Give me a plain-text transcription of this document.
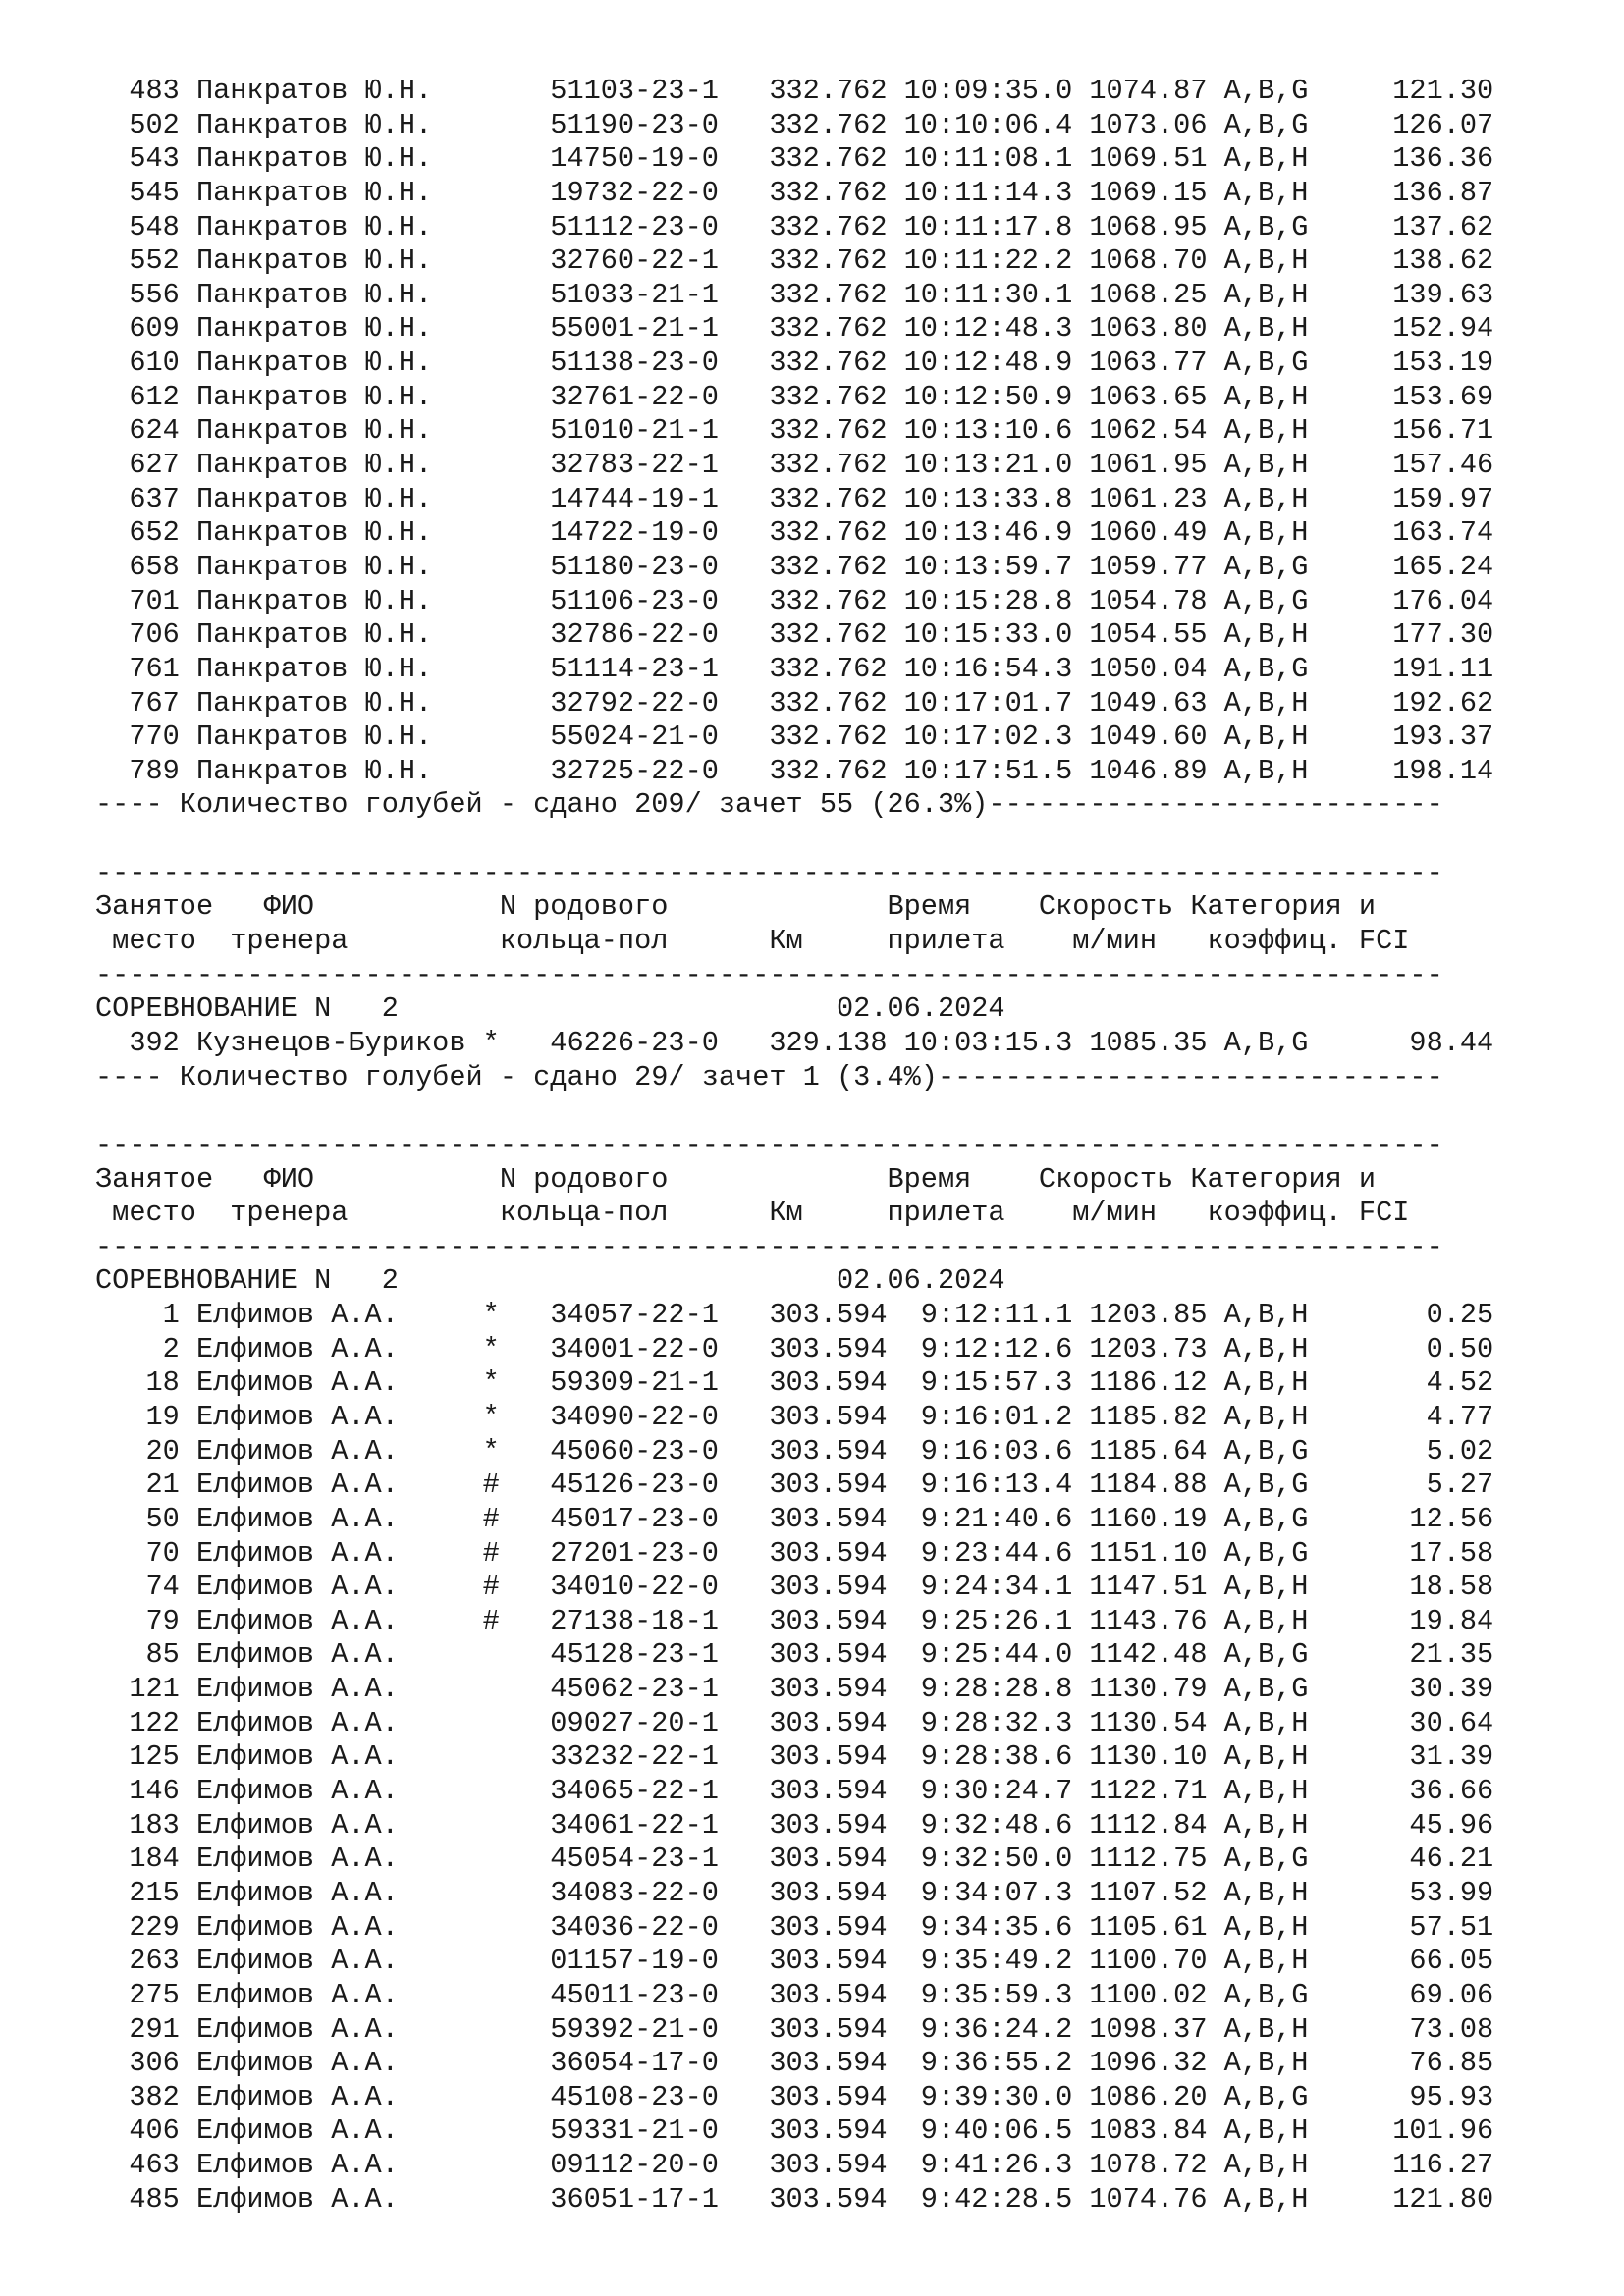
483 Панкратов Ю.Н.       51103-23-1   332.762 10:09:35.0 1074.87 A,B,G     121.30
502 Панкратов Ю.Н.       51190-23-0   332.762 10:10:06.4 1073.06 A,B,G     126.07
543 Панкратов Ю.Н.       14750-19-0   332.762 10:11:08.1 1069.51 A,B,H     136.36
545 Панкратов Ю.Н.       19732-22-0   332.762 10:11:14.3 1069.15 A,B,H     136.87
548 Панкратов Ю.Н.       51112-23-0   332.762 10:11:17.8 1068.95 A,B,G     137.62
552 Панкратов Ю.Н.       32760-22-1   332.762 10:11:22.2 1068.70 A,B,H     138.62
556 Панкратов Ю.Н.       51033-21-1   332.762 10:11:30.1 1068.25 A,B,H     139.63
609 Панкратов Ю.Н.       55001-21-1   332.762 10:12:48.3 1063.80 A,B,H     152.94
610 Панкратов Ю.Н.       51138-23-0   332.762 10:12:48.9 1063.77 A,B,G     153.19
612 Панкратов Ю.Н.       32761-22-0   332.762 10:12:50.9 1063.65 A,B,H     153.69
624 Панкратов Ю.Н.       51010-21-1   332.762 10:13:10.6 1062.54 A,B,H     156.71
627 Панкратов Ю.Н.       32783-22-1   332.762 10:13:21.0 1061.95 A,B,H     157.46
637 Панкратов Ю.Н.       14744-19-1   332.762 10:13:33.8 1061.23 A,B,H     159.97
652 Панкратов Ю.Н.       14722-19-0   332.762 10:13:46.9 1060.49 A,B,H     163.74
658 Панкратов Ю.Н.       51180-23-0   332.762 10:13:59.7 1059.77 A,B,G     165.24
701 Панкратов Ю.Н.       51106-23-0   332.762 10:15:28.8 1054.78 A,B,G     176.04
706 Панкратов Ю.Н.       32786-22-0   332.762 10:15:33.0 1054.55 A,B,H     177.30
761 Панкратов Ю.Н.       51114-23-1   332.762 10:16:54.3 1050.04 A,B,G     191.11
767 Панкратов Ю.Н.       32792-22-0   332.762 10:17:01.7 1049.63 A,B,H     192.62
770 Панкратов Ю.Н.       55024-21-0   332.762 10:17:02.3 1049.60 A,B,H     193.37
789 Панкратов Ю.Н.       32725-22-0   332.762 10:17:51.5 1046.89 A,B,H     198.14
---- Количество голубей - сдано 209/ зачет 55 (26.3%)---------------------------
--------------------------------------------------------------------------------
Занятое   ФИО           N родового             Время    Скорость Категория и
место  тренера         кольца-пол      Км     прилета    м/мин   коэффиц. FCI
--------------------------------------------------------------------------------
СОРЕВНОВАНИЕ N   2                          02.06.2024
392 Кузнецов-Буриков *   46226-23-0   329.138 10:03:15.3 1085.35 A,B,G      98.44
---- Количество голубей - сдано 29/ зачет 1 (3.4%)------------------------------
--------------------------------------------------------------------------------
Занятое   ФИО           N родового             Время    Скорость Категория и
место  тренера         кольца-пол      Км     прилета    м/мин   коэффиц. FCI
--------------------------------------------------------------------------------
СОРЕВНОВАНИЕ N   2                          02.06.2024
1 Елфимов А.А.     *   34057-22-1   303.594  9:12:11.1 1203.85 A,B,H       0.25
2 Елфимов А.А.     *   34001-22-0   303.594  9:12:12.6 1203.73 A,B,H       0.50
18 Елфимов А.А.     *   59309-21-1   303.594  9:15:57.3 1186.12 A,B,H       4.52
19 Елфимов А.А.     *   34090-22-0   303.594  9:16:01.2 1185.82 A,B,H       4.77
20 Елфимов А.А.     *   45060-23-0   303.594  9:16:03.6 1185.64 A,B,G       5.02
21 Елфимов А.А.     #   45126-23-0   303.594  9:16:13.4 1184.88 A,B,G       5.27
50 Елфимов А.А.     #   45017-23-0   303.594  9:21:40.6 1160.19 A,B,G      12.56
70 Елфимов А.А.     #   27201-23-0   303.594  9:23:44.6 1151.10 A,B,G      17.58
74 Елфимов А.А.     #   34010-22-0   303.594  9:24:34.1 1147.51 A,B,H      18.58
79 Елфимов А.А.     #   27138-18-1   303.594  9:25:26.1 1143.76 A,B,H      19.84
85 Елфимов А.А.         45128-23-1   303.594  9:25:44.0 1142.48 A,B,G      21.35
121 Елфимов А.А.         45062-23-1   303.594  9:28:28.8 1130.79 A,B,G      30.39
122 Елфимов А.А.         09027-20-1   303.594  9:28:32.3 1130.54 A,B,H      30.64
125 Елфимов А.А.         33232-22-1   303.594  9:28:38.6 1130.10 A,B,H      31.39
146 Елфимов А.А.         34065-22-1   303.594  9:30:24.7 1122.71 A,B,H      36.66
183 Елфимов А.А.         34061-22-1   303.594  9:32:48.6 1112.84 A,B,H      45.96
184 Елфимов А.А.         45054-23-1   303.594  9:32:50.0 1112.75 A,B,G      46.21
215 Елфимов А.А.         34083-22-0   303.594  9:34:07.3 1107.52 A,B,H      53.99
229 Елфимов А.А.         34036-22-0   303.594  9:34:35.6 1105.61 A,B,H      57.51
263 Елфимов А.А.         01157-19-0   303.594  9:35:49.2 1100.70 A,B,H      66.05
275 Елфимов А.А.         45011-23-0   303.594  9:35:59.3 1100.02 A,B,G      69.06
291 Елфимов А.А.         59392-21-0   303.594  9:36:24.2 1098.37 A,B,H      73.08
306 Елфимов А.А.         36054-17-0   303.594  9:36:55.2 1096.32 A,B,H      76.85
382 Елфимов А.А.         45108-23-0   303.594  9:39:30.0 1086.20 A,B,G      95.93
406 Елфимов А.А.         59331-21-0   303.594  9:40:06.5 1083.84 A,B,H     101.96
463 Елфимов А.А.         09112-20-0   303.594  9:41:26.3 1078.72 A,B,H     116.27
485 Елфимов А.А.         36051-17-1   303.594  9:42:28.5 1074.76 A,B,H     121.80
